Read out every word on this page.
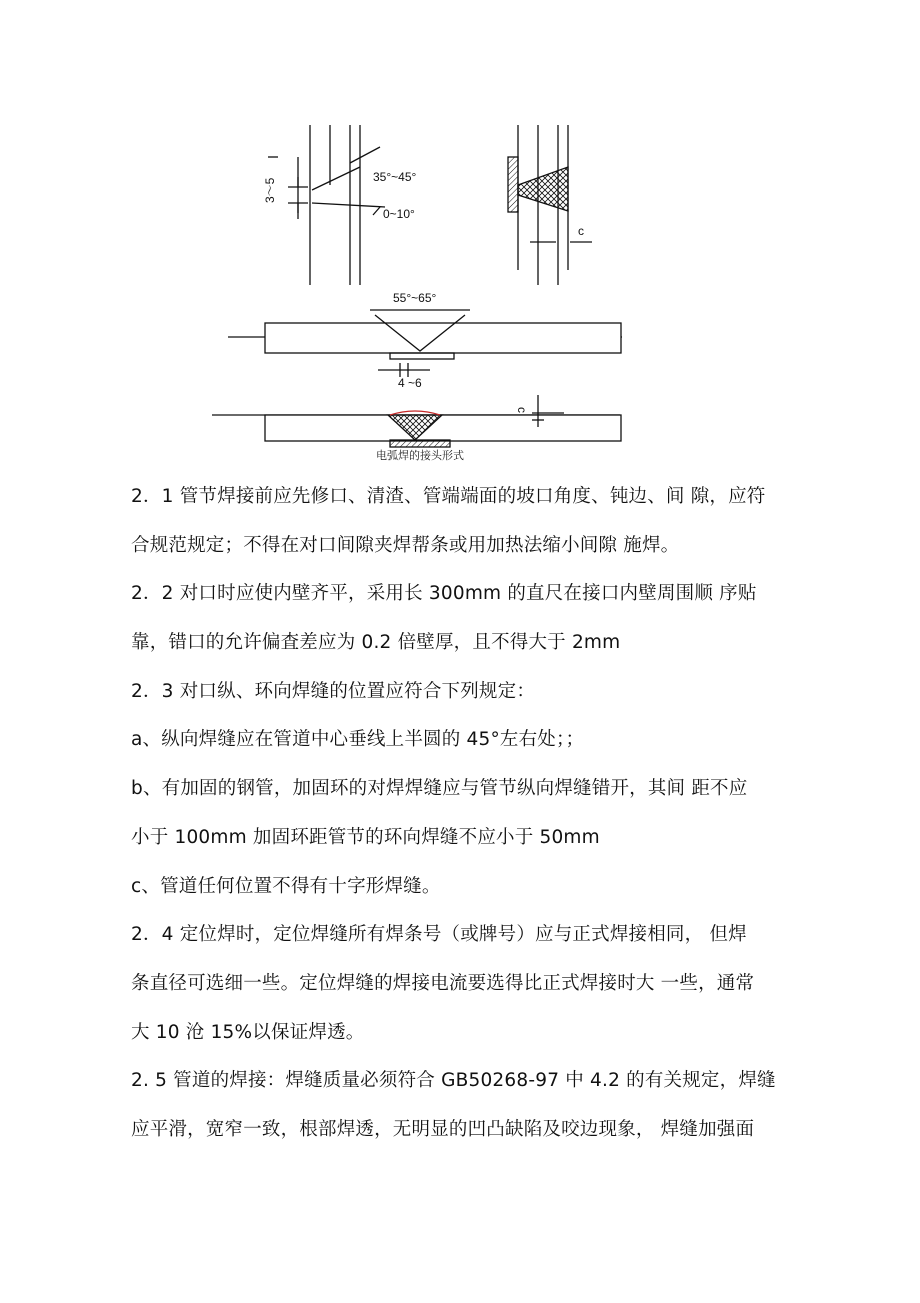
3～5
35°~45°
0~10°
c
55°~65°
4 ~6
c
电弧焊的接头形式
2．1 管节焊接前应先修口、清渣、管端端面的坡口角度、钝边、间 隙，应符
合规范规定；不得在对口间隙夹焊帮条或用加热法缩小间隙 施焊。
2．2 对口时应使内壁齐平，采用长 300mm 的直尺在接口内壁周围顺 序贴
靠，错口的允许偏査差应为 0.2 倍壁厚，且不得大于 2mm
2．3 对口纵、环向焊缝的位置应符合下列规定：
a、纵向焊缝应在管道中心垂线上半圆的 45°左右处；；
b、有加固的钢管，加固环的对焊焊缝应与管节纵向焊缝错开，其间 距不应
小于 100mm 加固环距管节的环向焊缝不应小于 50mm
c、管道任何位置不得有十字形焊缝。
2．4 定位焊时，定位焊缝所有焊条号（或牌号）应与正式焊接相同， 但焊
条直径可选细一些。定位焊缝的焊接电流要选得比正式焊接时大 一些，通常
大 10 沧 15%以保证焊透。
2. 5 管道的焊接：焊缝质量必须符合 GB50268-97 中 4.2 的有关规定，焊缝
应平滑，宽窄一致，根部焊透，无明显的凹凸缺陷及咬边现象， 焊缝加强面
